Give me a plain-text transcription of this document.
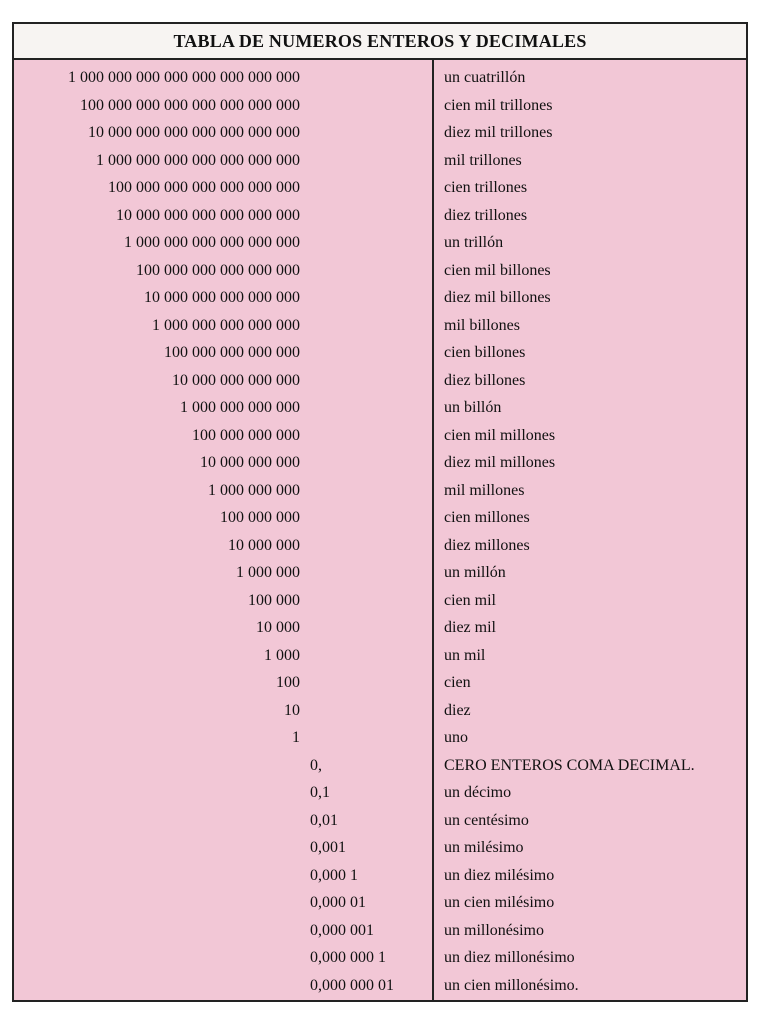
TABLA DE NUMEROS ENTEROS Y DECIMALES
1 000 000 000 000 000 000 000 000	un cuatrillón
100 000 000 000 000 000 000 000	cien mil trillones
10 000 000 000 000 000 000 000	diez mil trillones
1 000 000 000 000 000 000 000	mil trillones
100 000 000 000 000 000 000	cien trillones
10 000 000 000 000 000 000	diez trillones
1 000 000 000 000 000 000	un trillón
100 000 000 000 000 000	cien mil billones
10 000 000 000 000 000	diez mil billones
1 000 000 000 000 000	mil billones
100 000 000 000 000	cien billones
10 000 000 000 000	diez billones
1 000 000 000 000	un billón
100 000 000 000	cien mil millones
10 000 000 000	diez mil millones
1 000 000 000	mil millones
100 000 000	cien millones
10 000 000	diez millones
1 000 000	un millón
100 000	cien mil
10 000	diez mil
1 000	un mil
100	cien
10	diez
1	uno
0,	CERO ENTEROS COMA DECIMAL.
0,1	un décimo
0,01	un centésimo
0,001	un milésimo
0,000 1	un diez milésimo
0,000 01	un cien milésimo
0,000 001	un millonésimo
0,000 000 1	un diez millonésimo
0,000 000 01	un cien millonésimo.
